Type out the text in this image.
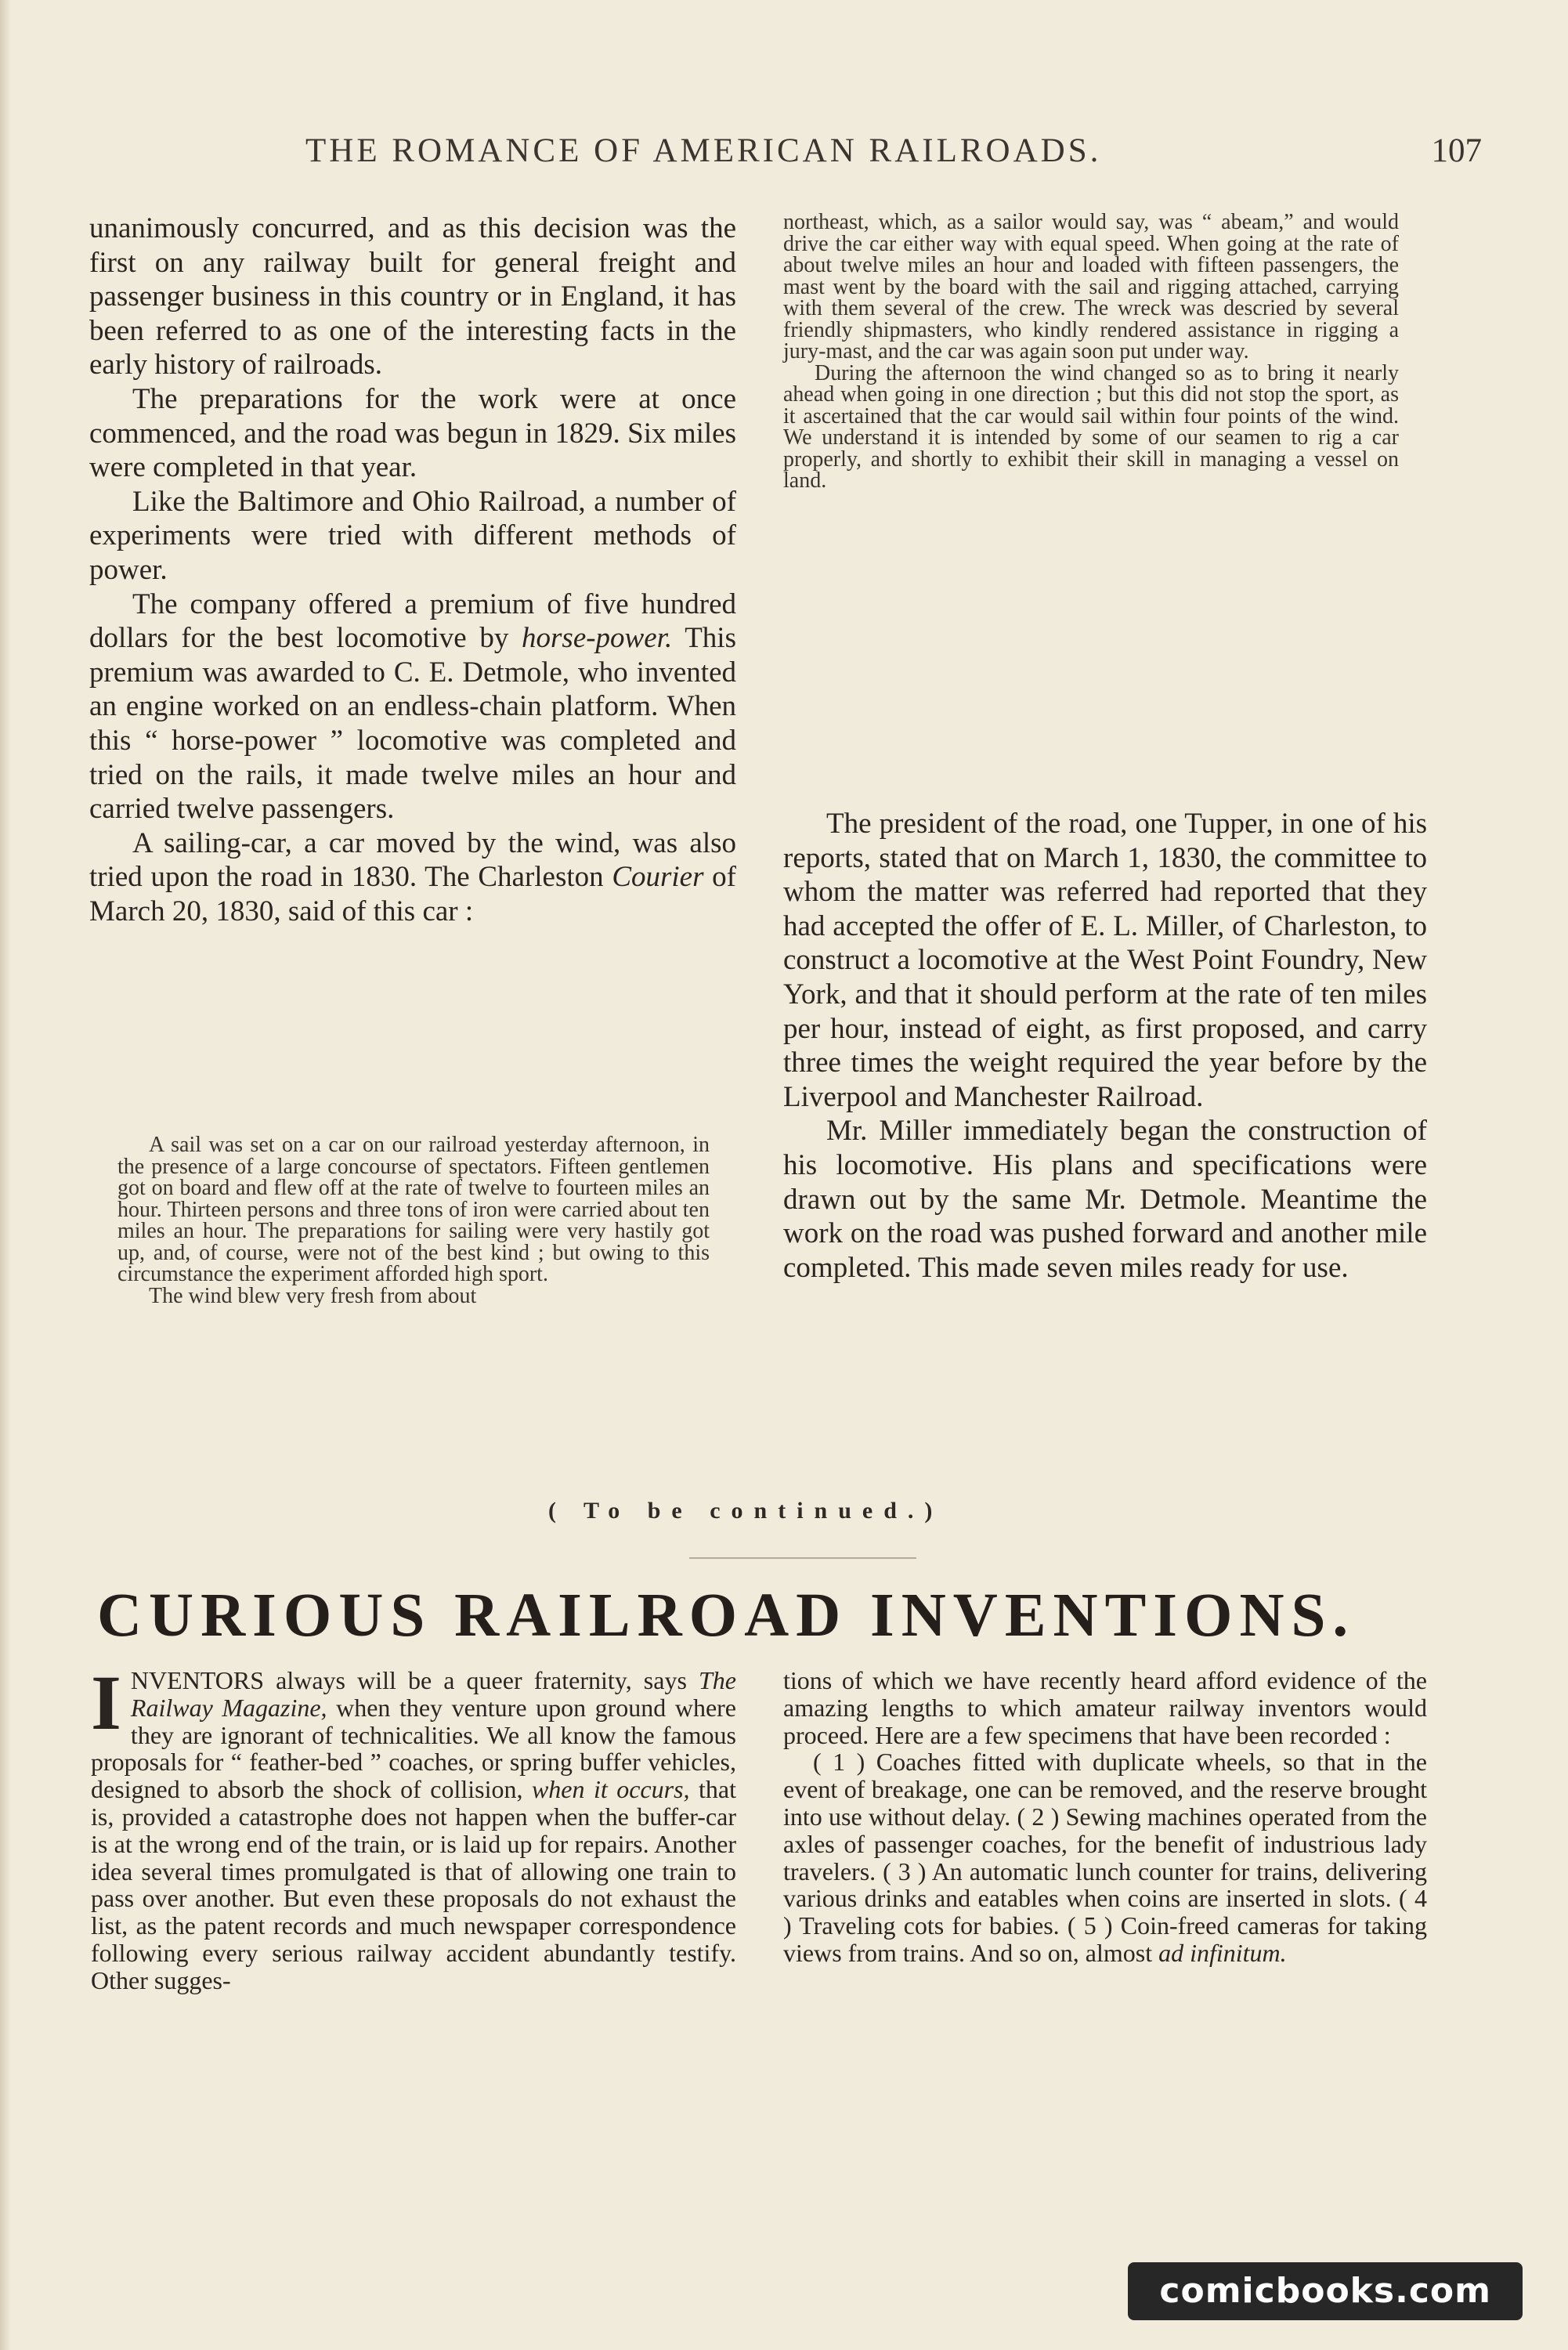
THE ROMANCE OF AMERICAN RAILROADS.	107

unanimously concurred, and as this decision was the first on any railway built for general freight and passenger business in this country or in England, it has been referred to as one of the interesting facts in the early history of railroads.

The preparations for the work were at once commenced, and the road was begun in 1829. Six miles were completed in that year.

Like the Baltimore and Ohio Railroad, a number of experiments were tried with different methods of power.

The company offered a premium of five hundred dollars for the best locomotive by horse-power. This premium was awarded to C. E. Detmole, who invented an engine worked on an endless-chain platform. When this “ horse-power ” locomotive was completed and tried on the rails, it made twelve miles an hour and carried twelve passengers.

A sailing-car, a car moved by the wind, was also tried upon the road in 1830. The Charleston Courier of March 20, 1830, said of this car :

A sail was set on a car on our railroad yesterday afternoon, in the presence of a large concourse of spectators. Fifteen gentlemen got on board and flew off at the rate of twelve to fourteen miles an hour. Thirteen persons and three tons of iron were carried about ten miles an hour. The preparations for sailing were very hastily got up, and, of course, were not of the best kind ; but owing to this circumstance the experiment afforded high sport.

The wind blew very fresh from about

northeast, which, as a sailor would say, was “ abeam,” and would drive the car either way with equal speed. When going at the rate of about twelve miles an hour and loaded with fifteen passengers, the mast went by the board with the sail and rigging attached, carrying with them several of the crew. The wreck was descried by several friendly shipmasters, who kindly rendered assistance in rigging a jury-mast, and the car was again soon put under way.

During the afternoon the wind changed so as to bring it nearly ahead when going in one direction ; but this did not stop the sport, as it ascertained that the car would sail within four points of the wind. We understand it is intended by some of our seamen to rig a car properly, and shortly to exhibit their skill in managing a vessel on land.

The president of the road, one Tupper, in one of his reports, stated that on March 1, 1830, the committee to whom the matter was referred had reported that they had accepted the offer of E. L. Miller, of Charleston, to construct a locomotive at the West Point Foundry, New York, and that it should perform at the rate of ten miles per hour, instead of eight, as first proposed, and carry three times the weight required the year before by the Liverpool and Manchester Railroad.

Mr. Miller immediately began the construction of his locomotive. His plans and specifications were drawn out by the same Mr. Detmole. Meantime the work on the road was pushed forward and another mile completed. This made seven miles ready for use.

( To be continued.)
CURIOUS RAILROAD INVENTIONS.

INVENTORS always will be a queer fraternity, says The Railway Magazine, when they venture upon ground where they are ignorant of technicalities. We all know the famous proposals for “ feather-bed ” coaches, or spring buffer vehicles, designed to absorb the shock of collision, when it occurs, that is, provided a catastrophe does not happen when the buffer-car is at the wrong end of the train, or is laid up for repairs. Another idea several times promulgated is that of allowing one train to pass over another. But even these proposals do not exhaust the list, as the patent records and much newspaper correspondence following every serious railway accident abundantly testify. Other sugges-

tions of which we have recently heard afford evidence of the amazing lengths to which amateur railway inventors would proceed. Here are a few specimens that have been recorded :

( 1 ) Coaches fitted with duplicate wheels, so that in the event of breakage, one can be removed, and the reserve brought into use without delay. ( 2 ) Sewing machines operated from the axles of passenger coaches, for the benefit of industrious lady travelers. ( 3 ) An automatic lunch counter for trains, delivering various drinks and eatables when coins are inserted in slots. ( 4 ) Traveling cots for babies. ( 5 ) Coin-freed cameras for taking views from trains. And so on, almost ad infinitum.

comicbooks.com
